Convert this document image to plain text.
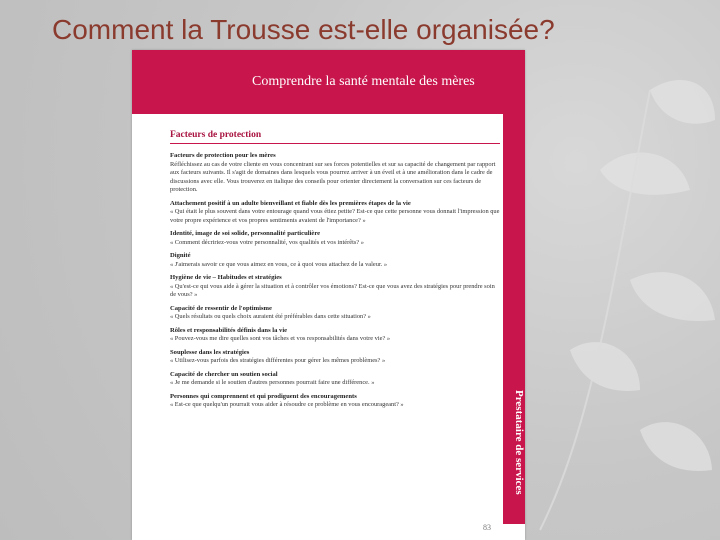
Comment la Trousse est-elle organisée?
Comprendre la santé mentale des mères
Prestataire de services
Facteurs de protection
Facteurs de protection pour les mères
Réfléchissez au cas de votre cliente en vous concentrant sur ses forces potentielles et sur sa capacité de changement par rapport aux facteurs suivants. Il s'agit de domaines dans lesquels vous pourrez arriver à un éveil et à une amélioration dans le cadre de discussions avec elle. Vous trouverez en italique des conseils pour orienter directement la conversation sur ces facteurs de protection.
Attachement positif à un adulte bienveillant et fiable dès les premières étapes de la vie
« Qui était le plus souvent dans votre entourage quand vous étiez petite? Est-ce que cette personne vous donnait l'impression que votre propre expérience et vos propres sentiments avaient de l'importance? »
Identité, image de soi solide, personnalité particulière
« Comment décririez-vous votre personnalité, vos qualités et vos intérêts? »
Dignité
« J'aimerais savoir ce que vous aimez en vous, ce à quoi vous attachez de la valeur. »
Hygiène de vie – Habitudes et stratégies
« Qu'est-ce qui vous aide à gérer la situation et à contrôler vos émotions? Est-ce que vous avez des stratégies pour prendre soin de vous? »
Capacité de ressentir de l'optimisme
« Quels résultats ou quels choix auraient été préférables dans cette situation? »
Rôles et responsabilités définis dans la vie
« Pouvez-vous me dire quelles sont vos tâches et vos responsabilités dans votre vie? »
Souplesse dans les stratégies
« Utilisez-vous parfois des stratégies différentes pour gérer les mêmes problèmes? »
Capacité de chercher un soutien social
« Je me demande si le soutien d'autres personnes pourrait faire une différence. »
Personnes qui comprennent et qui prodiguent des encouragements
« Est-ce que quelqu'un pourrait vous aider à résoudre ce problème en vous encourageant? »
83
